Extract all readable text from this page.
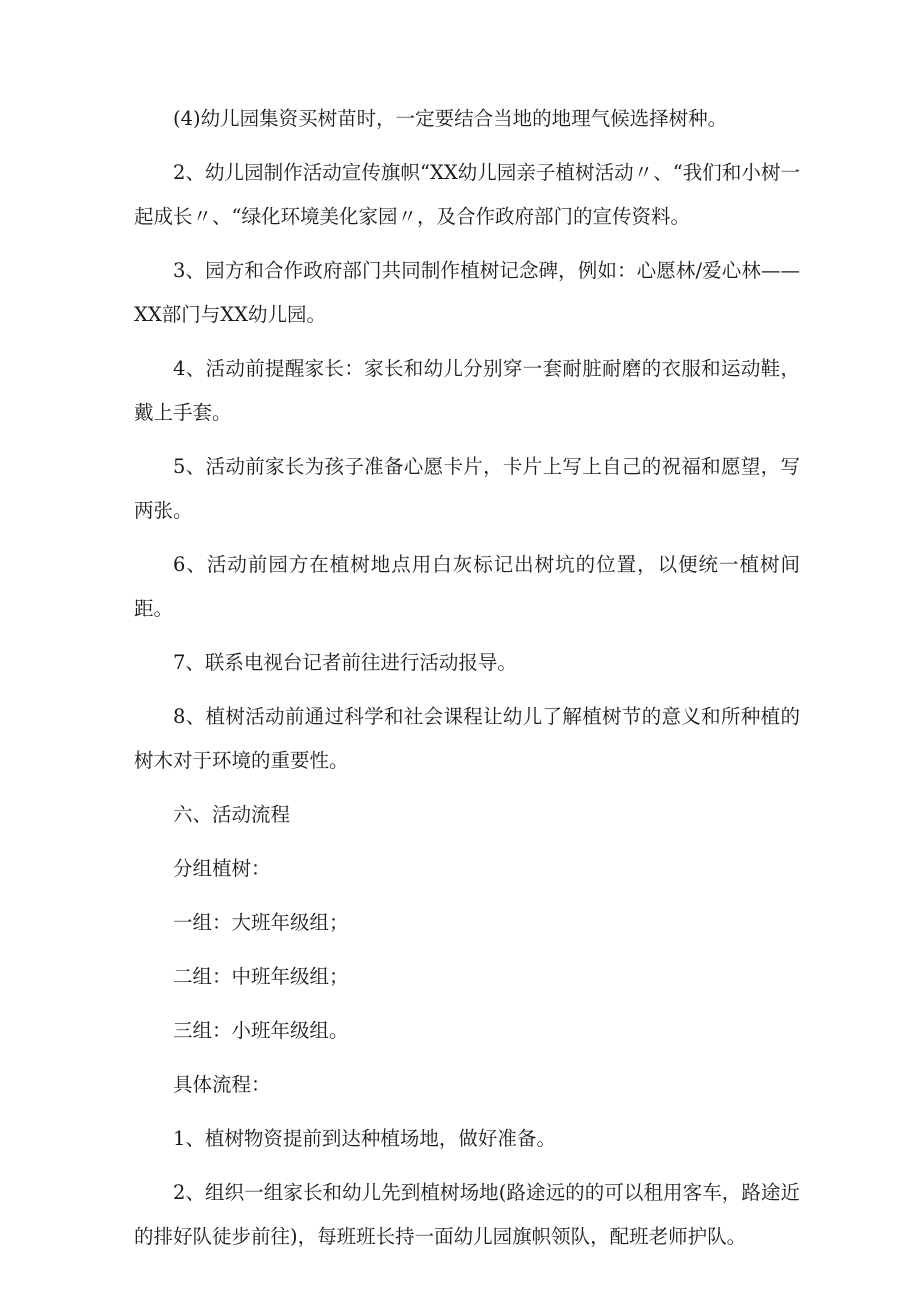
(4)幼儿园集资买树苗时，一定要结合当地的地理气候选择树种。

2、幼儿园制作活动宣传旗帜“XX幼儿园亲子植树活动〃、“我们和小树一起成长〃、“绿化环境美化家园〃，及合作政府部门的宣传资料。

3、园方和合作政府部门共同制作植树记念碑，例如：心愿林/爱心林——XX部门与XX幼儿园。

4、活动前提醒家长：家长和幼儿分别穿一套耐脏耐磨的衣服和运动鞋，戴上手套。

5、活动前家长为孩子准备心愿卡片，卡片上写上自己的祝福和愿望，写两张。

6、活动前园方在植树地点用白灰标记出树坑的位置，以便统一植树间距。

7、联系电视台记者前往进行活动报导。

8、植树活动前通过科学和社会课程让幼儿了解植树节的意义和所种植的树木对于环境的重要性。

六、活动流程

分组植树：

一组：大班年级组；

二组：中班年级组；

三组：小班年级组。

具体流程：

1、植树物资提前到达种植场地，做好准备。

2、组织一组家长和幼儿先到植树场地(路途远的的可以租用客车，路途近的排好队徒步前往)，每班班长持一面幼儿园旗帜领队，配班老师护队。
